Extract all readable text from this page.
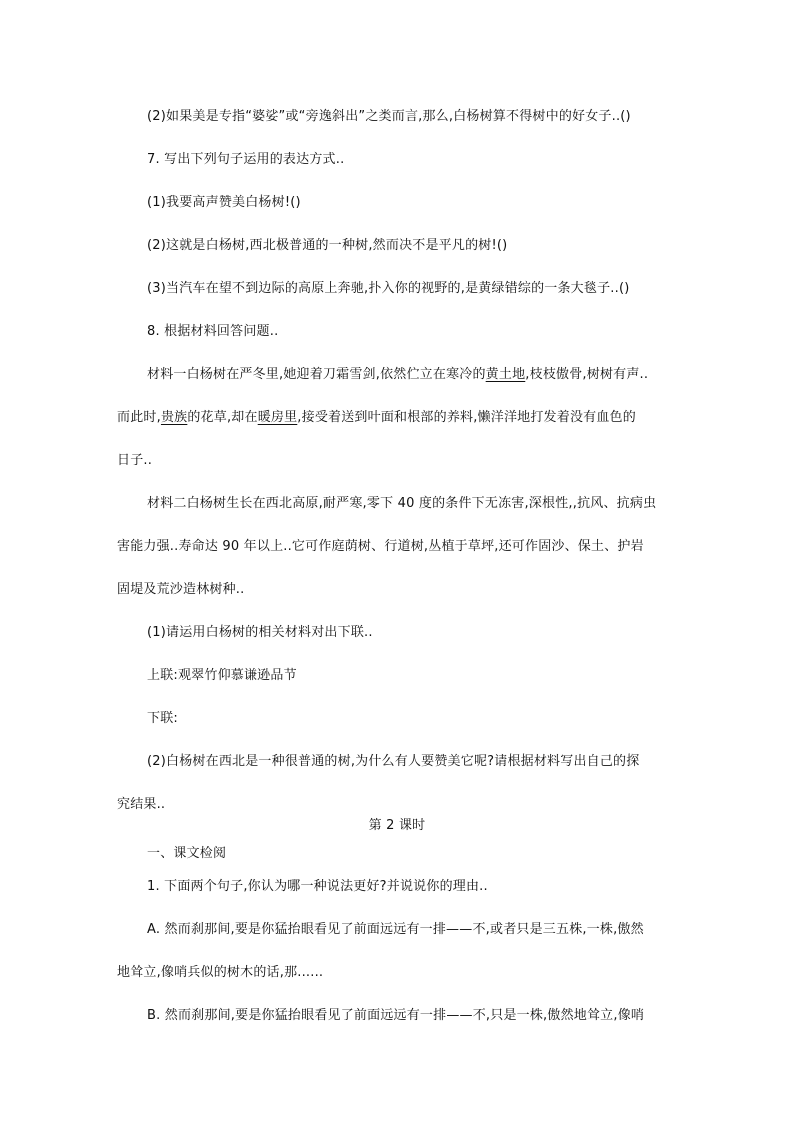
(2)如果美是专指“婆娑”或“旁逸斜出”之类而言,那么,白杨树算不得树中的好女子..()
7. 写出下列句子运用的表达方式..
(1)我要高声赞美白杨树!()
(2)这就是白杨树,西北极普通的一种树,然而决不是平凡的树!()
(3)当汽车在望不到边际的高原上奔驰,扑入你的视野的,是黄绿错综的一条大毯子..()
8. 根据材料回答问题..
材料一白杨树在严冬里,她迎着刀霜雪剑,依然伫立在寒冷的黄土地,枝枝傲骨,树树有声..
而此时,贵族的花草,却在暖房里,接受着送到叶面和根部的养料,懒洋洋地打发着没有血色的
日子..
材料二白杨树生长在西北高原,耐严寒,零下 40 度的条件下无冻害,深根性,,抗风、抗病虫
害能力强..寿命达 90 年以上..它可作庭荫树、行道树,丛植于草坪,还可作固沙、保土、护岩
固堤及荒沙造林树种..
(1)请运用白杨树的相关材料对出下联..
上联:观翠竹仰慕谦逊品节
下联:
(2)白杨树在西北是一种很普通的树,为什么有人要赞美它呢?请根据材料写出自己的探
究结果..
第 2 课时
一、课文检阅
1. 下面两个句子,你认为哪一种说法更好?并说说你的理由..
A. 然而刹那间,要是你猛抬眼看见了前面远远有一排——不,或者只是三五株,一株,傲然
地耸立,像哨兵似的树木的话,那......
B. 然而刹那间,要是你猛抬眼看见了前面远远有一排——不,只是一株,傲然地耸立,像哨
